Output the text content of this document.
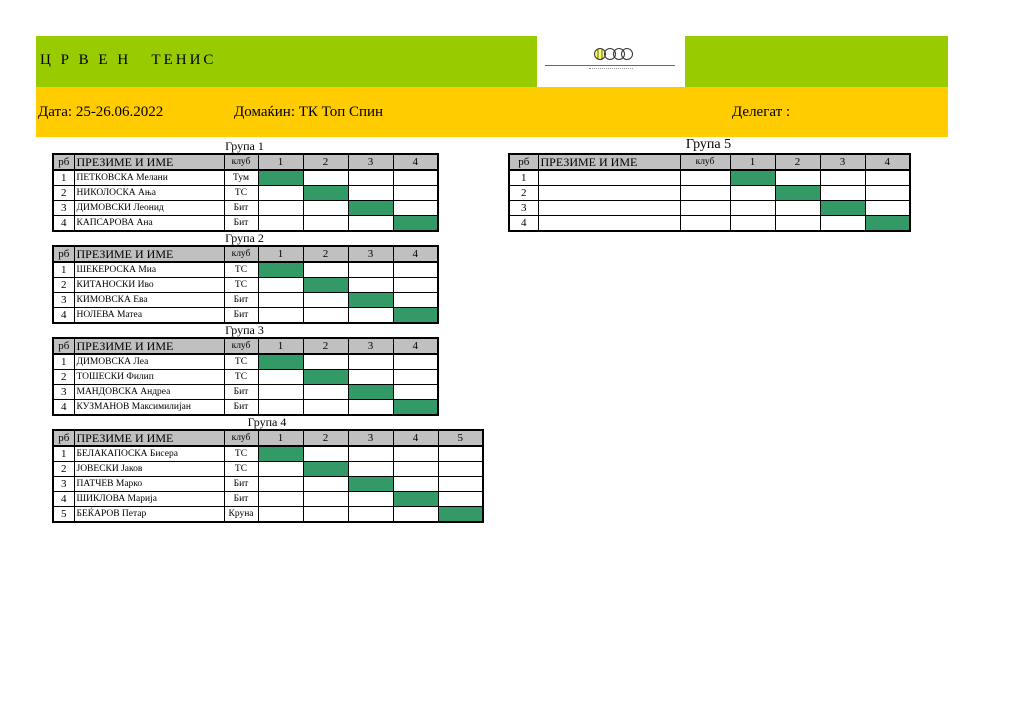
Ц Р В Е Н   ТЕНИС
Дата: 25-26.06.2022	Домаќин: ТК Топ Спин	Делегат :
Група 1
рб	ПРЕЗИМЕ И ИМЕ	клуб	1	2	3	4
1	ПЕТКОВСКА Мелани	Тум				
2	НИКОЛОСКА Ања	ТС				
3	ДИМОВСКИ Леонид	Бит				
4	КАПСАРОВА Ана	Бит				
Група 2
рб	ПРЕЗИМЕ И ИМЕ	клуб	1	2	3	4
1	ШЕКЕРОСКА Миа	ТС				
2	КИТАНОСКИ Иво	ТС				
3	КИМОВСКА Ева	Бит				
4	НОЛЕВА Матеа	Бит				
Група 3
рб	ПРЕЗИМЕ И ИМЕ	клуб	1	2	3	4
1	ДИМОВСКА Леа	ТС				
2	ТОШЕСКИ Филип	ТС				
3	МАНДОВСКА Андреа	Бит				
4	КУЗМАНОВ Максимилијан	Бит				
Група 4
рб	ПРЕЗИМЕ И ИМЕ	клуб	1	2	3	4	5
1	БЕЛАКАПОСКА Бисера	ТС					
2	ЈОВЕСКИ Јаков	ТС					
3	ПАТЧЕВ Марко	Бит					
4	ШИКЛОВА Марија	Бит					
5	БЕЌАРОВ Петар	Круна					
Група 5
рб	ПРЕЗИМЕ И ИМЕ	клуб	1	2	3	4
1						
2						
3						
4						
